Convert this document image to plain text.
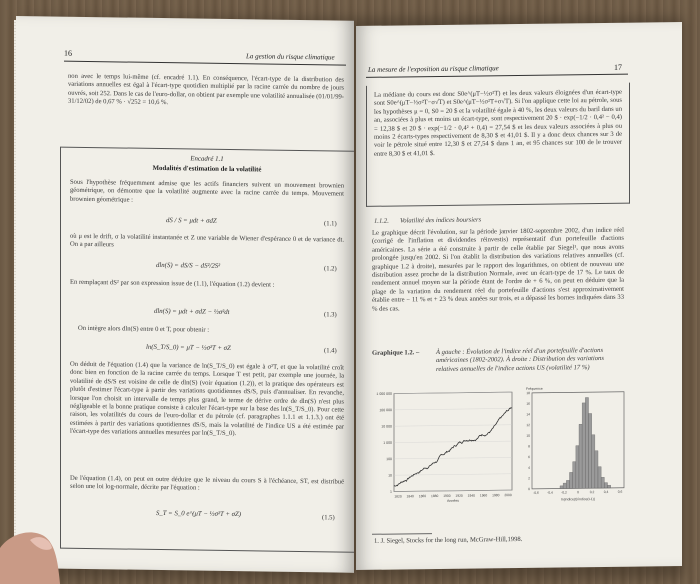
16	La gestion du risque climatique
non avec le temps lui-même (cf. encadré 1.1). En conséquence, l'écart-type de la distribution des variations annuelles est égal à l'écart-type quotidien multiplié par la racine carrée du nombre de jours ouvrés, soit 252. Dans le cas de l'euro-dollar, on obtient par exemple une volatilité annualisée (01/01/99-31/12/02) de 0,67 % · √252 = 10,6 %.
Encadré 1.1
Modalités d'estimation de la volatilité
Sous l'hypothèse fréquemment admise que les actifs financiers suivent un mouvement brownien géométrique, on démontre que la volatilité augmente avec la racine carrée du temps. Mouvement brownien géométrique :
dS / S = μdt + σdZ	(1.1)
où μ est le drift, σ la volatilité instantanée et Z une variable de Wiener d'espérance 0 et de variance dt. On a par ailleurs
dln(S) = dS/S − dS²/2S²	(1.2)
En remplaçant dS² par son expression issue de (1.1), l'équation (1.2) devient :
dln(S) = μdt + σdZ − ½σ²dt	(1.3)
On intègre alors dln(S) entre 0 et T, pour obtenir :
ln(S_T/S_0) = μT − ½σ²T + σZ	(1.4)
On déduit de l'équation (1.4) que la variance de ln(S_T/S_0) est égale à σ²T, et que la volatilité croît donc bien en fonction de la racine carrée du temps. Lorsque T est petit, par exemple une journée, la volatilité de dS/S est voisine de celle de dln(S) (voir équation (1.2)), et la pratique des opérateurs est plutôt d'estimer l'écart-type à partir des variations quotidiennes dS/S, puis d'annualiser. En revanche, lorsque l'on choisit un intervalle de temps plus grand, le terme de dérive ordre de dln(S) n'est plus négligeable et la bonne pratique consiste à calculer l'écart-type sur la base des ln(S_T/S_0). Pour cette raison, les volatilités du cours de l'euro-dollar et du pétrole (cf. paragraphes 1.1.1 et 1.1.3.) ont été estimées à partir des variations quotidiennes dS/S, mais la volatilité de l'indice US a été estimée par l'écart-type des variations annuelles mesurées par ln(S_T/S_0).
De l'équation (1.4), on peut en outre déduire que le niveau du cours S à l'échéance, ST, est distribué selon une loi log-normale, décrite par l'équation :
S_T = S_0 e^(μT − ½σ²T + σZ)	(1.5)
La mesure de l'exposition au risque climatique	17
La médiane du cours est donc S0e^(μT−½σ²T) et les deux valeurs éloignées d'un écart-type sont S0e^(μT−½σ²T−σ√T) et S0e^(μT−½σ²T+σ√T). Si l'on applique cette loi au pétrole, sous les hypothèses μ = 0, S0 = 20 $ et la volatilité égale à 40 %, les deux valeurs du baril dans un an, associées à plus et moins un écart-type, sont respectivement 20 $ · exp(−1/2 · 0,4² − 0,4) = 12,38 $ et 20 $ · exp(−1/2 · 0,4² + 0,4) = 27,54 $ et les deux valeurs associées à plus ou moins 2 écarts-types respectivement de 8,30 $ et 41,01 $. Il y a donc deux chances sur 3 de voir le pétrole situé entre 12,30 $ et 27,54 $ dans 1 an, et 95 chances sur 100 de le trouver entre 8,30 $ et 41,01 $.
1.1.2.	Volatilité des indices boursiers
Le graphique décrit l'évolution, sur la période janvier 1802-septembre 2002, d'un indice réel (corrigé de l'inflation et dividendes réinvestis) représentatif d'un portefeuille d'actions américaines. La série a été construite à partir de celle établie par Siegel¹, que nous avons prolongée jusqu'en 2002. Si l'on établit la distribution des variations relatives annuelles (cf. graphique 1.2 à droite), mesurées par le rapport des logarithmes, on obtient de nouveau une distribution assez proche de la distribution Normale, avec un écart-type de 17 %. Le taux de rendement annuel moyen sur la période étant de l'ordre de + 6 %, on peut en déduire que la plage de la variation du rendement réel du portefeuille d'actions s'est approximativement établie entre − 11 % et + 23 % deux années sur trois, et a dépassé les bornes indiquées dans 33 % des cas.
Graphique 1.2. –	À gauche : Évolution de l'indice réel d'un portefeuille d'actions américaines (1802-2002). À droite : Distribution des variations relatives annuelles de l'indice actions US (volatilité 17 %)
1 000 000
100 000
10 000
1 000
100
10
1
1820 1840 1860 1880 1900 1920 1940 1960 1980 2000
Années
Fréquence
18
16
14
12
10
8
6
4
2
0
-0,6	-0,4	-0,2	0	0,2	0,4	0,6
ln(indice(t)/indice(t-1))
1. J. Siegel, Stocks for the long run, McGraw-Hill,1998.
